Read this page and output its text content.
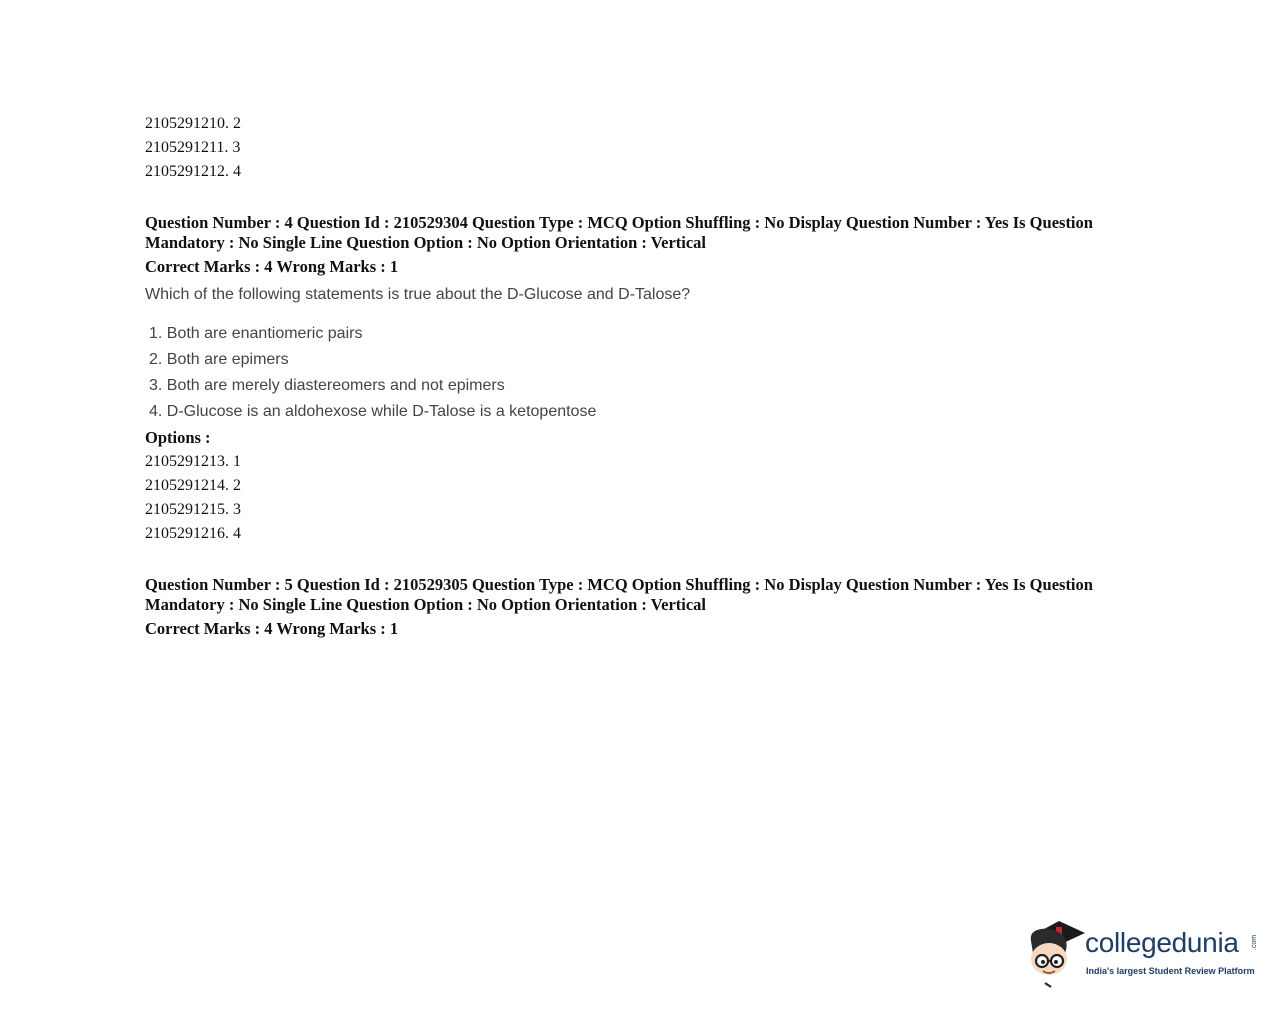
2105291210. 2
2105291211. 3
2105291212. 4
Question Number : 4 Question Id : 210529304 Question Type : MCQ Option Shuffling : No Display Question Number : Yes Is Question Mandatory : No Single Line Question Option : No Option Orientation : Vertical
Correct Marks : 4 Wrong Marks : 1
Which of the following statements is true about the D-Glucose and D-Talose?
1. Both are enantiomeric pairs
2. Both are epimers
3. Both are merely diastereomers and not epimers
4. D-Glucose is an aldohexose while D-Talose is a ketopentose
Options :
2105291213. 1
2105291214. 2
2105291215. 3
2105291216. 4
Question Number : 5 Question Id : 210529305 Question Type : MCQ Option Shuffling : No Display Question Number : Yes Is Question Mandatory : No Single Line Question Option : No Option Orientation : Vertical
Correct Marks : 4 Wrong Marks : 1
collegedunia .com
India's largest Student Review Platform
